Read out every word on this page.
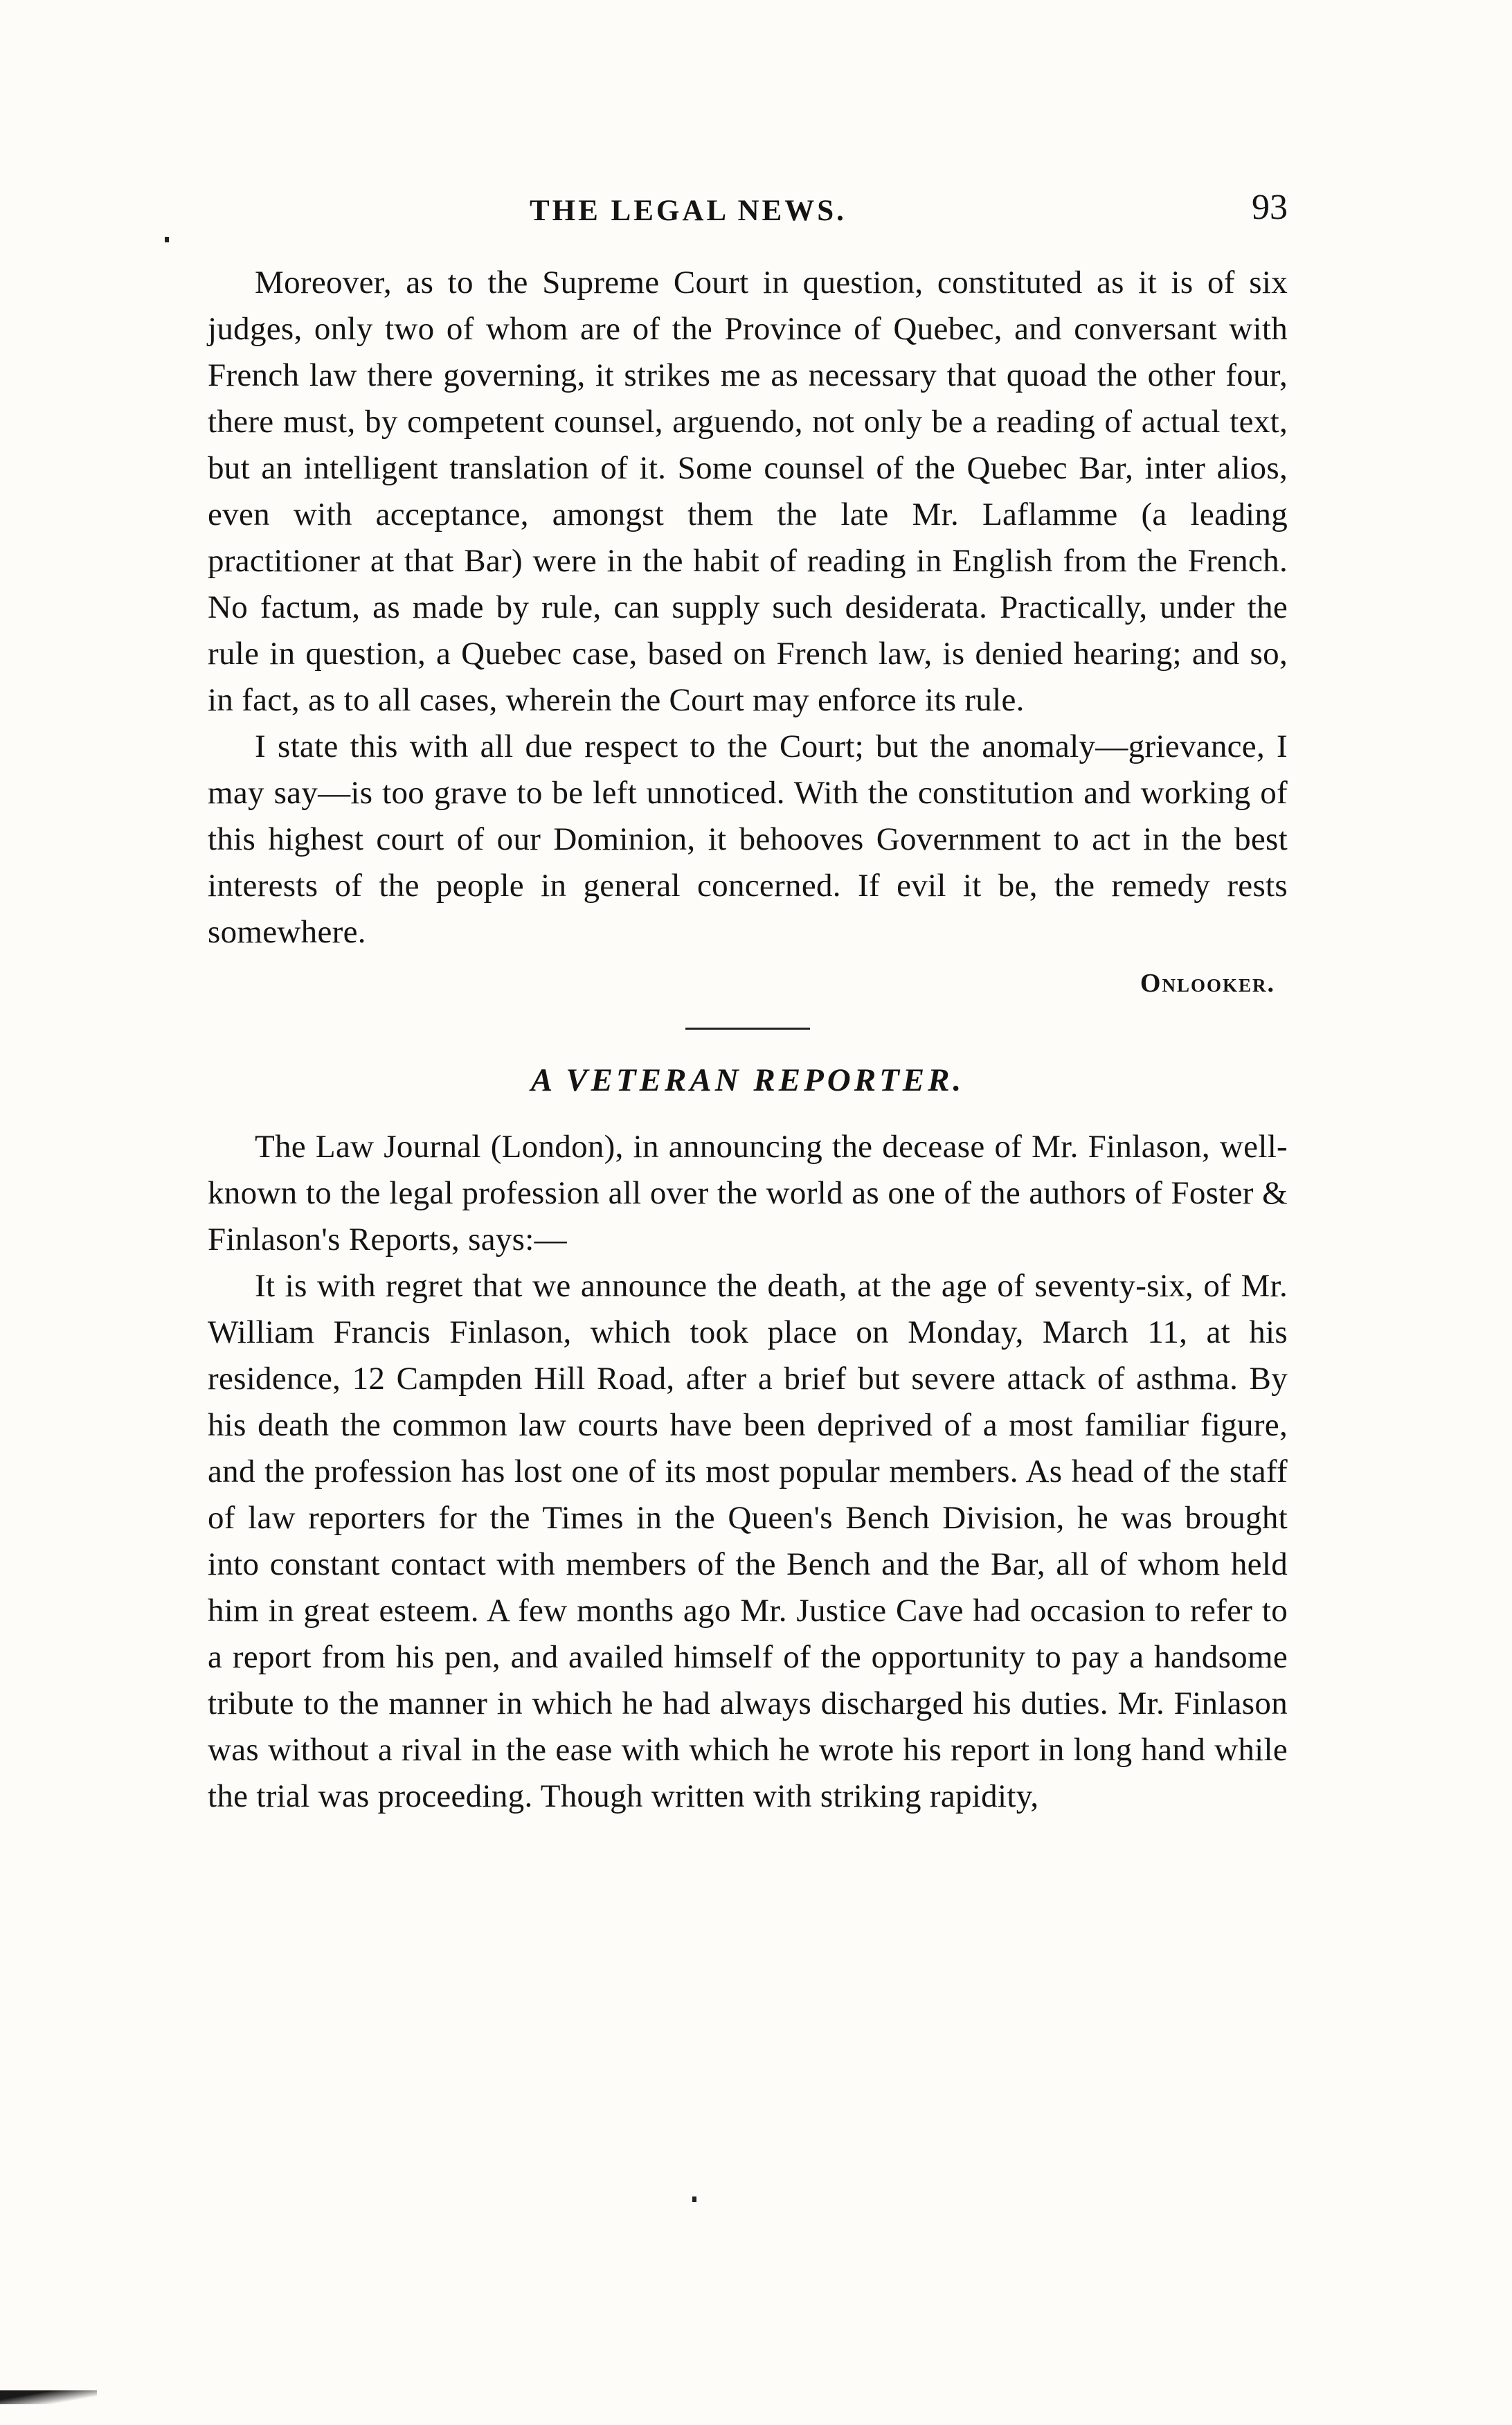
THE LEGAL NEWS.	93

Moreover, as to the Supreme Court in question, constituted as it is of six judges, only two of whom are of the Province of Quebec, and conversant with French law there governing, it strikes me as necessary that quoad the other four, there must, by competent counsel, arguendo, not only be a reading of actual text, but an intelligent translation of it. Some counsel of the Quebec Bar, inter alios, even with acceptance, amongst them the late Mr. Laflamme (a leading practitioner at that Bar) were in the habit of reading in English from the French. No factum, as made by rule, can supply such desiderata. Practically, under the rule in question, a Quebec case, based on French law, is denied hearing; and so, in fact, as to all cases, wherein the Court may enforce its rule.

I state this with all due respect to the Court; but the anomaly—grievance, I may say—is too grave to be left unnoticed. With the constitution and working of this highest court of our Dominion, it behooves Government to act in the best interests of the people in general concerned. If evil it be, the remedy rests somewhere.

Onlooker.
A VETERAN REPORTER.

The Law Journal (London), in announcing the decease of Mr. Finlason, well-known to the legal profession all over the world as one of the authors of Foster & Finlason's Reports, says:—

It is with regret that we announce the death, at the age of seventy-six, of Mr. William Francis Finlason, which took place on Monday, March 11, at his residence, 12 Campden Hill Road, after a brief but severe attack of asthma. By his death the common law courts have been deprived of a most familiar figure, and the profession has lost one of its most popular members. As head of the staff of law reporters for the Times in the Queen's Bench Division, he was brought into constant contact with members of the Bench and the Bar, all of whom held him in great esteem. A few months ago Mr. Justice Cave had occasion to refer to a report from his pen, and availed himself of the opportunity to pay a handsome tribute to the manner in which he had always discharged his duties. Mr. Finlason was without a rival in the ease with which he wrote his report in long hand while the trial was proceeding. Though written with striking rapidity,
